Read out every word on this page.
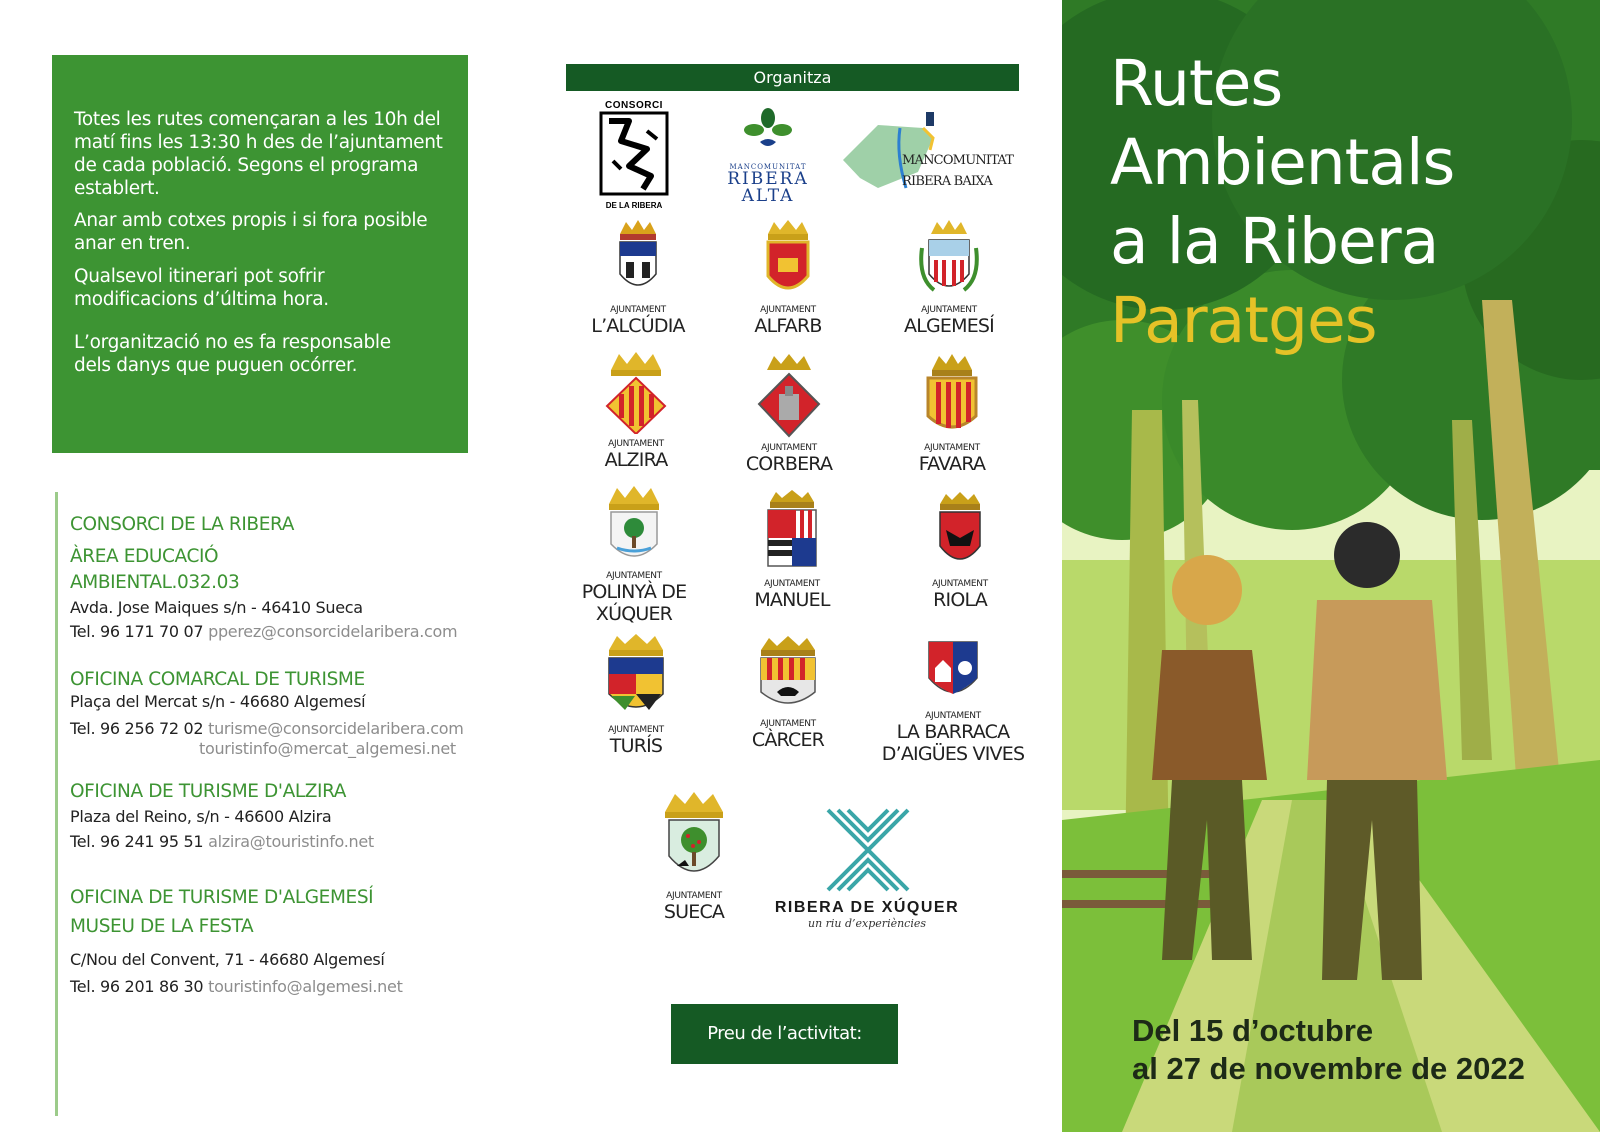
Totes les rutes començaran a les 10h del matí fins les 13:30 h des de l’ajuntament de cada població. Segons el programa establert.

Anar amb cotxes propis i si fora posible anar en tren.

Qualsevol itinerari pot sofrir modificacions d’última hora.

L’organització no es fa responsable dels danys que puguen ocórrer.

CONSORCI DE LA RIBERA
ÀREA EDUCACIÓ
AMBIENTAL.032.03
Avda. Jose Maiques s/n - 46410 Sueca
Tel. 96 171 70 07 pperez@consorcidelaribera.com
OFICINA COMARCAL DE TURISME
Plaça del Mercat s/n - 46680 Algemesí
Tel. 96 256 72 02 turisme@consorcidelaribera.com
touristinfo@mercat_algemesi.net
OFICINA DE TURISME D'ALZIRA
Plaza del Reino, s/n - 46600 Alzira
Tel. 96 241 95 51 alzira@touristinfo.net
OFICINA DE TURISME D'ALGEMESÍ
MUSEU DE LA FESTA
C/Nou del Convent, 71 - 46680 Algemesí
Tel. 96 201 86 30 touristinfo@algemesi.net
Organitza
CONSORCI
DE LA RIBERA
MANCOMUNITAT
RIBERA
ALTA
MANCOMUNITAT
RIBERA BAIXA
AJUNTAMENT
L’ALCÚDIA
AJUNTAMENT
ALFARB
AJUNTAMENT
ALGEMESÍ
AJUNTAMENT
ALZIRA
AJUNTAMENT
CORBERA
AJUNTAMENT
FAVARA
AJUNTAMENT
POLINYÀ DE
XÚQUER
AJUNTAMENT
MANUEL
AJUNTAMENT
RIOLA
AJUNTAMENT
TURÍS
AJUNTAMENT
CÀRCER
AJUNTAMENT
LA BARRACA
D’AIGÜES VIVES
AJUNTAMENT
SUECA	RIBERA DE XÚQUER
un riu d’experiències
Preu de l’activitat: Gratuïta
Rutes
Ambientals
a la Ribera
Paratges
Del 15 d’octubre
al 27 de novembre de 2022
